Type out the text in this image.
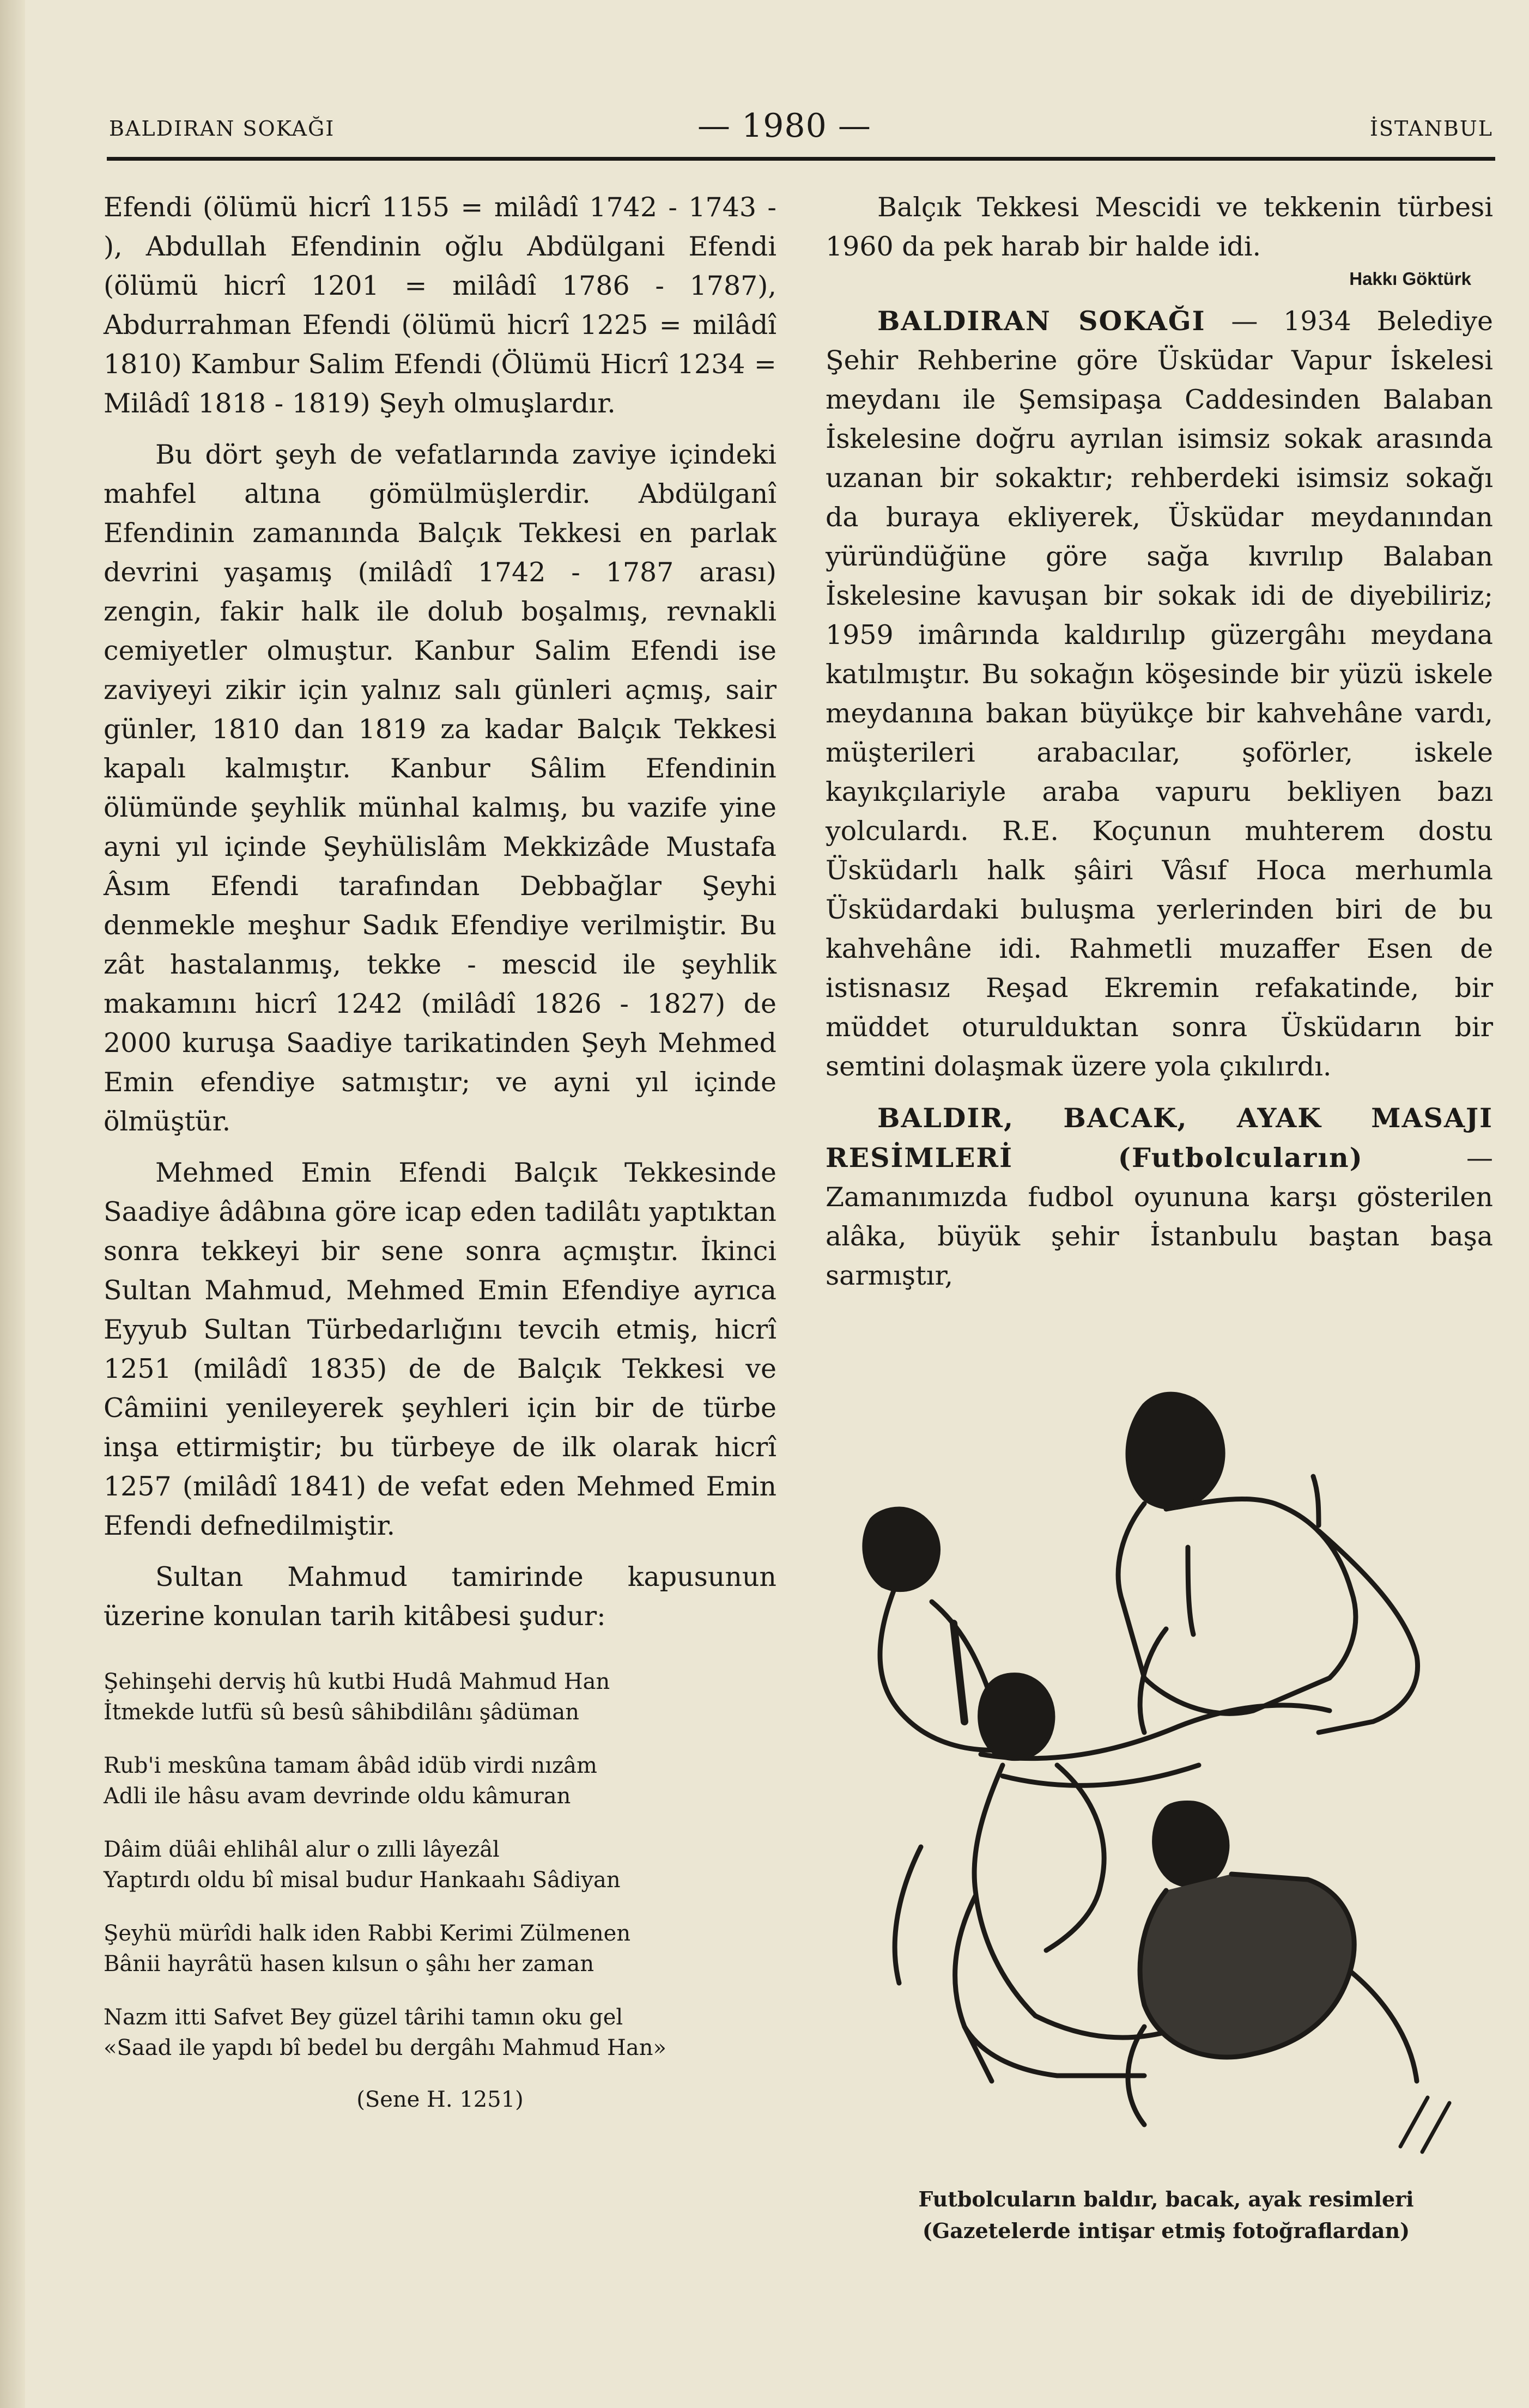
BALDIRAN SOKAĞI	— 1980 —	İSTANBUL

Efendi (ölümü hicrî 1155 = milâdî 1742 - 1743 - ), Abdullah Efendinin oğlu Abdülgani Efendi (ölümü hicrî 1201 = milâdî 1786 - 1787), Abdurrahman Efendi (ölümü hicrî 1225 = milâdî 1810) Kambur Salim Efendi (Ölümü Hicrî 1234 = Milâdî 1818 - 1819) Şeyh olmuşlardır.

Bu dört şeyh de vefatlarında zaviye içindeki mahfel altına gömülmüşlerdir. Abdülganî Efendinin zamanında Balçık Tekkesi en parlak devrini yaşamış (milâdî 1742 - 1787 arası) zengin, fakir halk ile dolub boşalmış, revnakli cemiyetler olmuştur. Kanbur Salim Efendi ise zaviyeyi zikir için yalnız salı günleri açmış, sair günler, 1810 dan 1819 za kadar Balçık Tekkesi kapalı kalmıştır. Kanbur Sâlim Efendinin ölümünde şeyhlik münhal kalmış, bu vazife yine ayni yıl içinde Şeyhülislâm Mekkizâde Mustafa Âsım Efendi tarafından Debbağlar Şeyhi denmekle meşhur Sadık Efendiye verilmiştir. Bu zât hastalanmış, tekke - mescid ile şeyhlik makamını hicrî 1242 (milâdî 1826 - 1827) de 2000 kuruşa Saadiye tarikatinden Şeyh Mehmed Emin efendiye satmıştır; ve ayni yıl içinde ölmüştür.

Mehmed Emin Efendi Balçık Tekkesinde Saadiye âdâbına göre icap eden tadilâtı yaptıktan sonra tekkeyi bir sene sonra açmıştır. İkinci Sultan Mahmud, Mehmed Emin Efendiye ayrıca Eyyub Sultan Türbedarlığını tevcih etmiş, hicrî 1251 (milâdî 1835) de de Balçık Tekkesi ve Câmiini yenileyerek şeyhleri için bir de türbe inşa ettirmiştir; bu türbeye de ilk olarak hicrî 1257 (milâdî 1841) de vefat eden Mehmed Emin Efendi defnedilmiştir.

Sultan Mahmud tamirinde kapusunun üzerine konulan tarih kitâbesi şudur:

Şehinşehi derviş hû kutbi Hudâ Mahmud Han
İtmekde lutfü sû besû sâhibdilânı şâdüman
Rub'i meskûna tamam âbâd idüb virdi nızâm
Adli ile hâsu avam devrinde oldu kâmuran
Dâim düâi ehlihâl alur o zılli lâyezâl
Yaptırdı oldu bî misal budur Hankaahı Sâdiyan
Şeyhü mürîdi halk iden Rabbi Kerimi Zülmenen
Bânii hayrâtü hasen kılsun o şâhı her zaman
Nazm itti Safvet Bey güzel târihi tamın oku gel
«Saad ile yapdı bî bedel bu dergâhı Mahmud Han»
(Sene H. 1251)

Balçık Tekkesi Mescidi ve tekkenin türbesi 1960 da pek harab bir halde idi.

Hakkı Göktürk

BALDIRAN SOKAĞI — 1934 Belediye Şehir Rehberine göre Üsküdar Vapur İskelesi meydanı ile Şemsipaşa Caddesinden Balaban İskelesine doğru ayrılan isimsiz sokak arasında uzanan bir sokaktır; rehberdeki isimsiz sokağı da buraya ekliyerek, Üsküdar meydanından yüründüğüne göre sağa kıvrılıp Balaban İskelesine kavuşan bir sokak idi de diyebiliriz; 1959 imârında kaldırılıp güzergâhı meydana katılmıştır. Bu sokağın köşesinde bir yüzü iskele meydanına bakan büyükçe bir kahvehâne vardı, müşterileri arabacılar, şoförler, iskele kayıkçılariyle araba vapuru bekliyen bazı yolculardı. R.E. Koçunun muhterem dostu Üsküdarlı halk şâiri Vâsıf Hoca merhumla Üsküdardaki buluşma yerlerinden biri de bu kahvehâne idi. Rahmetli muzaffer Esen de istisnasız Reşad Ekremin refakatinde, bir müddet oturulduktan sonra Üsküdarın bir semtini dolaşmak üzere yola çıkılırdı.

BALDIR, BACAK, AYAK MASAJI RESİMLERİ (Futbolcuların) — Zamanımızda fudbol oyununa karşı gösterilen alâka, büyük şehir İstanbulu baştan başa sarmıştır,

Futbolcuların baldır, bacak, ayak resimleri
(Gazetelerde intişar etmiş fotoğraflardan)
